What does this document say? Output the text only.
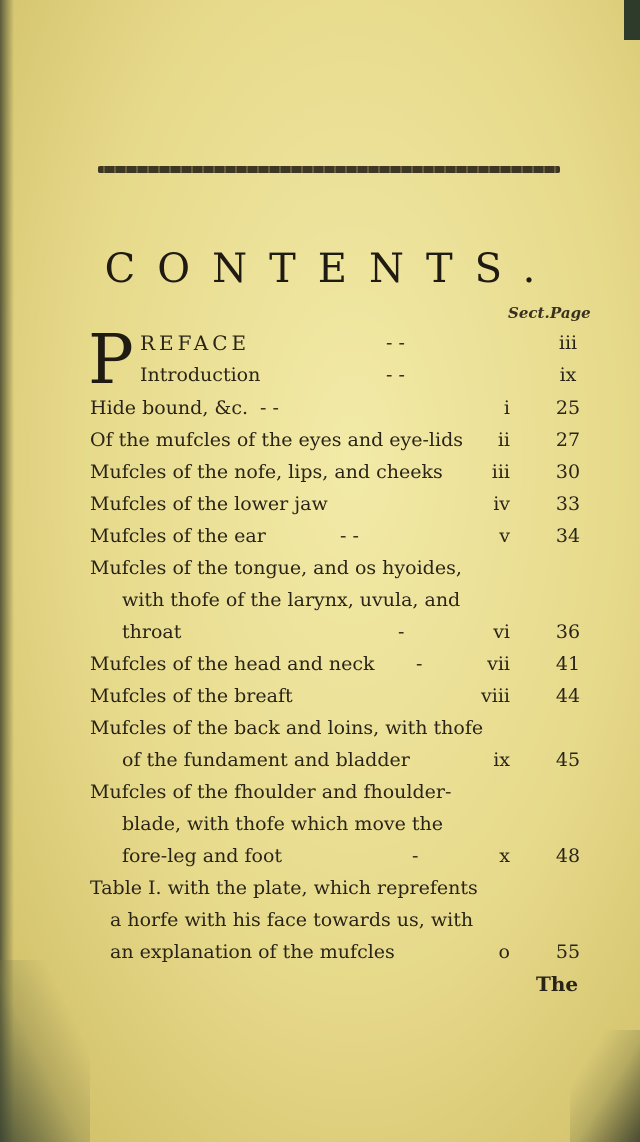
CONTENTS.
Sect. Page
P REFACE	- -	iii
Introduction	- -	ix
Hide bound, &c. - -	i	25
Of the mufcles of the eyes and eye-lids	ii	27
Mufcles of the nofe, lips, and cheeks	iii	30
Mufcles of the lower jaw	iv	33
Mufcles of the ear	- -	v	34
Mufcles of the tongue, and os hyoides,
with thofe of the larynx, uvula, and
throat	-	vi	36
Mufcles of the head and neck -	vii	41
Mufcles of the breaft	viii	44
Mufcles of the back and loins, with thofe
of the fundament and bladder	ix	45
Mufcles of the fhoulder and fhoulder-
blade, with thofe which move the
fore-leg and foot	-	x	48
Table I. with the plate, which reprefents
a horfe with his face towards us, with
an explanation of the mufcles	o	55
The
